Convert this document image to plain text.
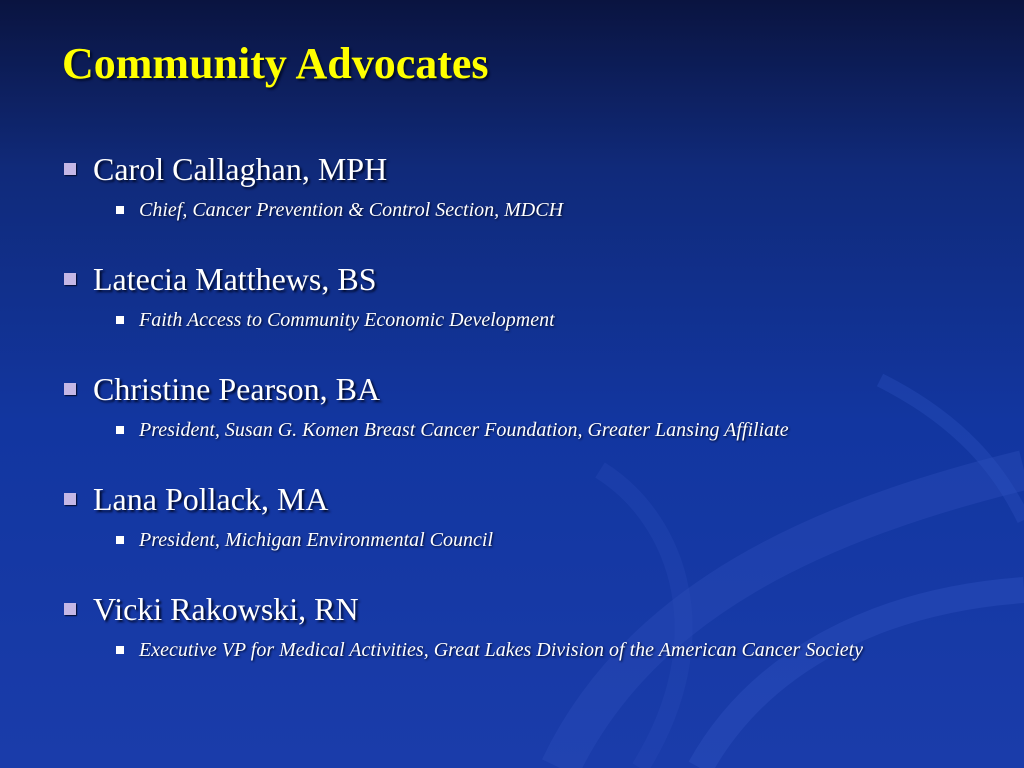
Community Advocates
Carol Callaghan, MPH
Chief, Cancer Prevention & Control Section, MDCH
Latecia Matthews, BS
Faith Access to Community Economic Development
Christine Pearson, BA
President, Susan G. Komen Breast Cancer Foundation, Greater Lansing Affiliate
Lana Pollack, MA
President, Michigan Environmental Council
Vicki Rakowski, RN
Executive VP for Medical Activities, Great Lakes Division of the American Cancer Society
